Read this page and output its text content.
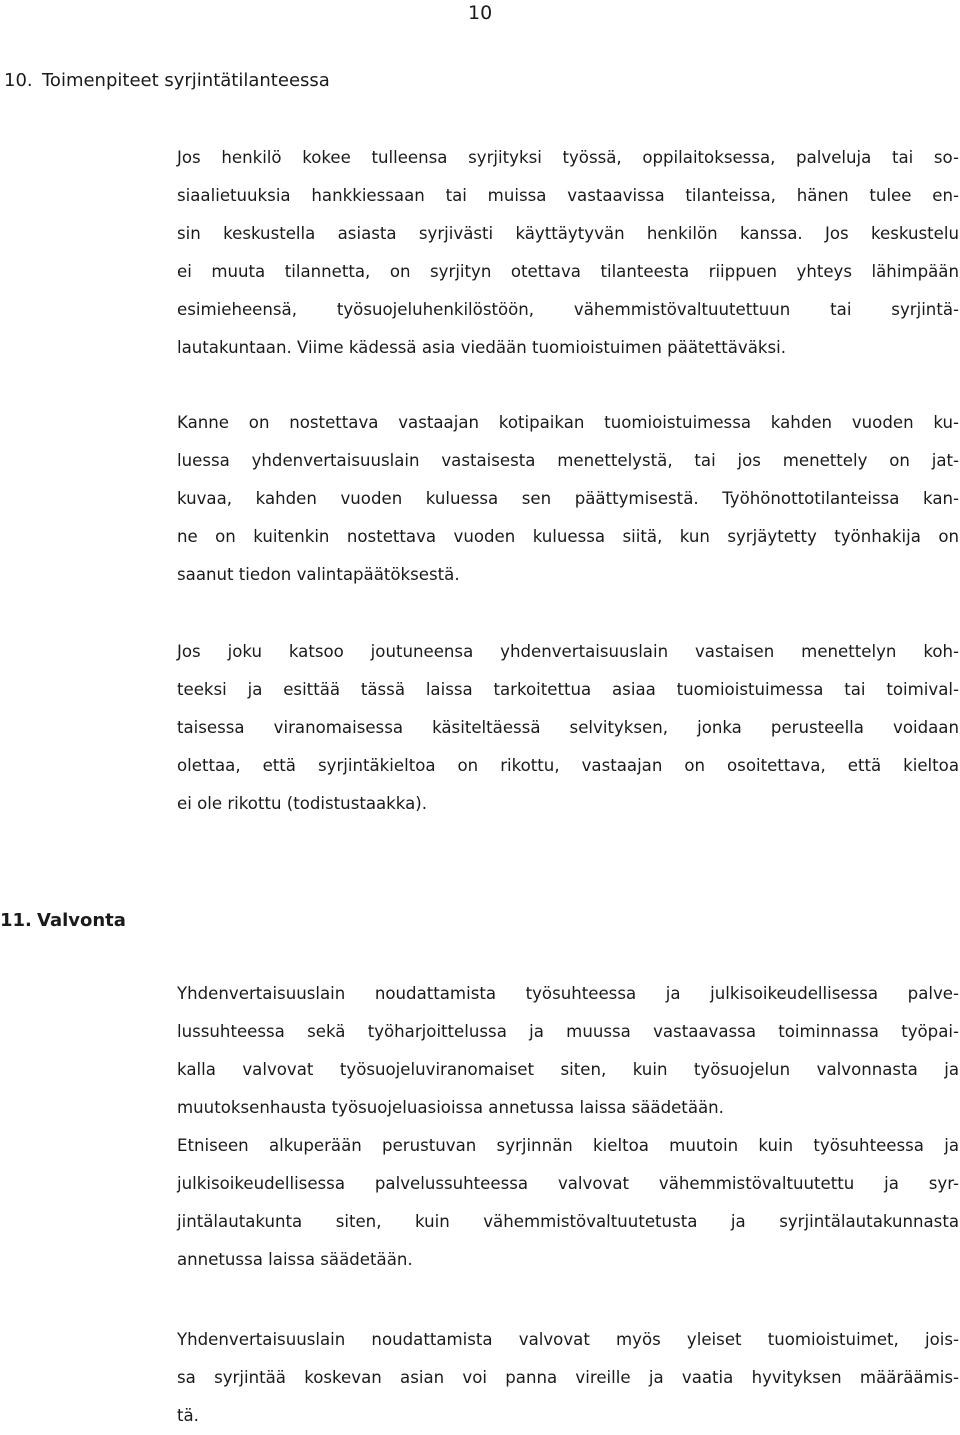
10
10. Toimenpiteet syrjintätilanteessa
Jos henkilö kokee tulleensa syrjityksi työssä, oppilaitoksessa, palveluja tai so-
siaalietuuksia hankkiessaan tai muissa vastaavissa tilanteissa, hänen tulee en-
sin keskustella asiasta syrjivästi käyttäytyvän henkilön kanssa. Jos keskustelu
ei muuta tilannetta, on syrjityn otettava tilanteesta riippuen yhteys lähimpään
esimieheensä, työsuojeluhenkilöstöön, vähemmistövaltuutettuun tai syrjintä-
lautakuntaan. Viime kädessä asia viedään tuomioistuimen päätettäväksi.
Kanne on nostettava vastaajan kotipaikan tuomioistuimessa kahden vuoden ku-
luessa yhdenvertaisuuslain vastaisesta menettelystä, tai jos menettely on jat-
kuvaa, kahden vuoden kuluessa sen päättymisestä. Työhönottotilanteissa kan-
ne on kuitenkin nostettava vuoden kuluessa siitä, kun syrjäytetty työnhakija on
saanut tiedon valintapäätöksestä.
Jos joku katsoo joutuneensa yhdenvertaisuuslain vastaisen menettelyn koh-
teeksi ja esittää tässä laissa tarkoitettua asiaa tuomioistuimessa tai toimival-
taisessa viranomaisessa käsiteltäessä selvityksen, jonka perusteella voidaan
olettaa, että syrjintäkieltoa on rikottu, vastaajan on osoitettava, että kieltoa
ei ole rikottu (todistustaakka).
11. Valvonta
Yhdenvertaisuuslain noudattamista työsuhteessa ja julkisoikeudellisessa palve-
lussuhteessa sekä työharjoittelussa ja muussa vastaavassa toiminnassa työpai-
kalla valvovat työsuojeluviranomaiset siten, kuin työsuojelun valvonnasta ja
muutoksenhausta työsuojeluasioissa annetussa laissa säädetään.
Etniseen alkuperään perustuvan syrjinnän kieltoa muutoin kuin työsuhteessa ja
julkisoikeudellisessa palvelussuhteessa valvovat vähemmistövaltuutettu ja syr-
jintälautakunta siten, kuin vähemmistövaltuutetusta ja syrjintälautakunnasta
annetussa laissa säädetään.
Yhdenvertaisuuslain noudattamista valvovat myös yleiset tuomioistuimet, jois-
sa syrjintää koskevan asian voi panna vireille ja vaatia hyvityksen määräämis-
tä.
